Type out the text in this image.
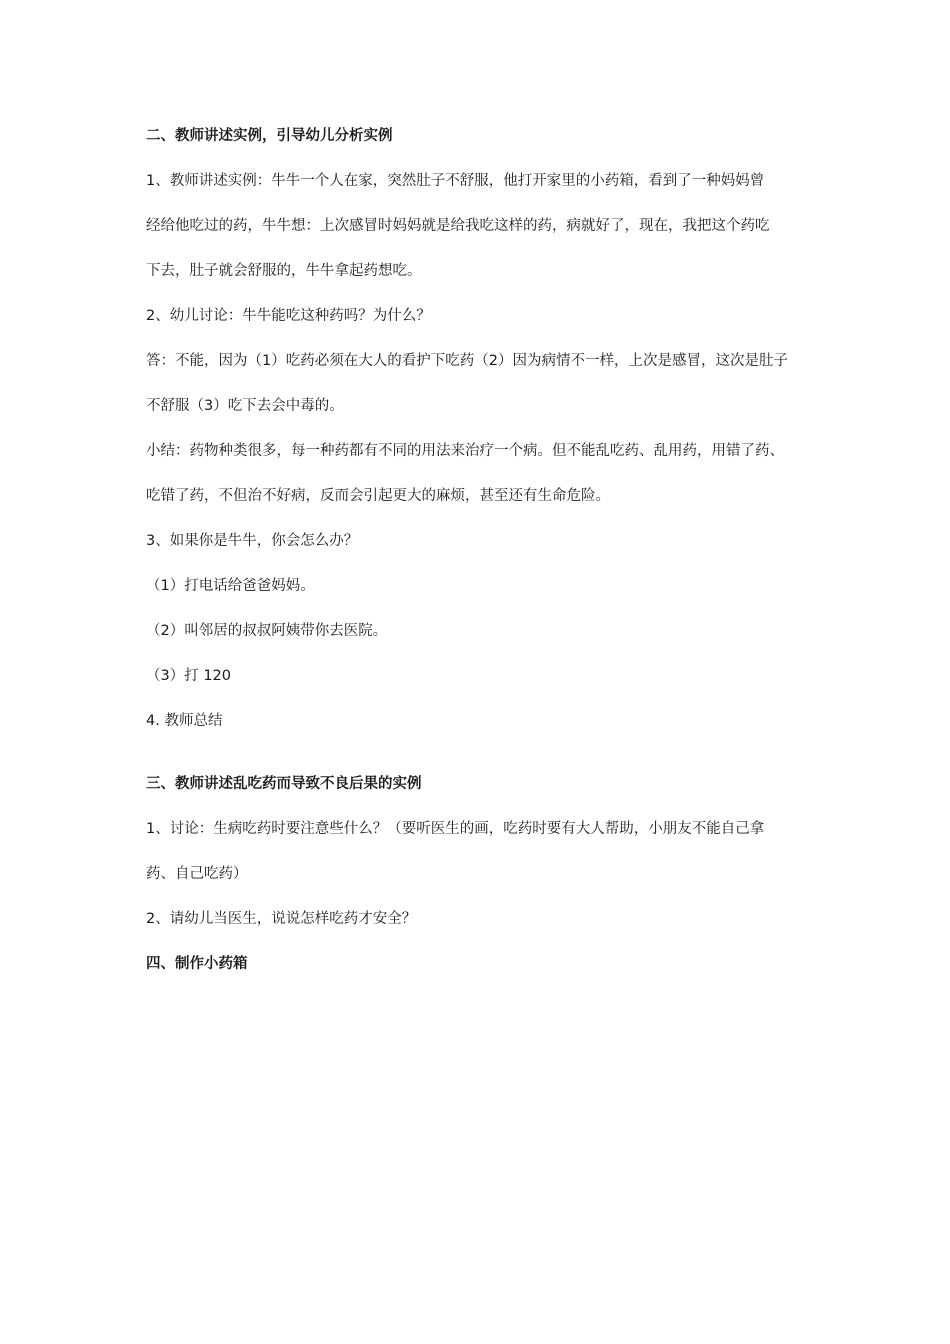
二、教师讲述实例，引导幼儿分析实例
1、教师讲述实例：牛牛一个人在家，突然肚子不舒服，他打开家里的小药箱，看到了一种妈妈曾
经给他吃过的药，牛牛想：上次感冒时妈妈就是给我吃这样的药，病就好了，现在，我把这个药吃
下去，肚子就会舒服的，牛牛拿起药想吃。
2、幼儿讨论：牛牛能吃这种药吗？为什么？
答：不能，因为（1）吃药必须在大人的看护下吃药（2）因为病情不一样，上次是感冒，这次是肚子
不舒服（3）吃下去会中毒的。
小结：药物种类很多，每一种药都有不同的用法来治疗一个病。但不能乱吃药、乱用药，用错了药、
吃错了药，不但治不好病，反而会引起更大的麻烦，甚至还有生命危险。
3、如果你是牛牛，你会怎么办？
（1）打电话给爸爸妈妈。
（2）叫邻居的叔叔阿姨带你去医院。
（3）打 120
4. 教师总结
三、教师讲述乱吃药而导致不良后果的实例
1、讨论：生病吃药时要注意些什么？（要听医生的画，吃药时要有大人帮助，小朋友不能自己拿
药、自己吃药）
2、请幼儿当医生，说说怎样吃药才安全？
四、制作小药箱
